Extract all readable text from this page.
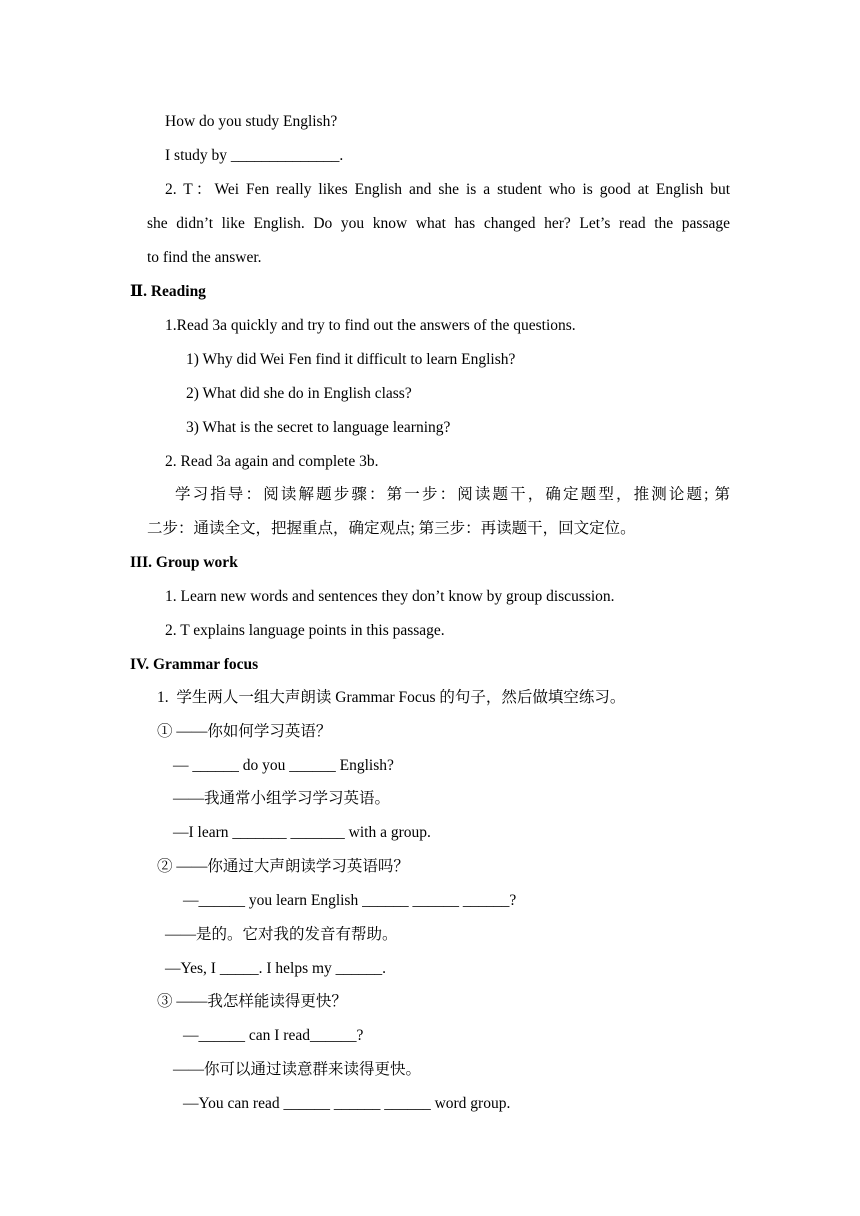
How do you study English?
I study by ______________.
2. T：Wei Fen really likes English and she is a student who is good at English but
she didn’t like English. Do you know what has changed her? Let’s read the passage
to find the answer.
Ⅱ. Reading
1.Read 3a quickly and try to find out the answers of the questions.
1) Why did Wei Fen find it difficult to learn English?
2) What did she do in English class?
3) What is the secret to language learning?
2. Read 3a again and complete 3b.
学习指导：阅读解题步骤：第一步：阅读题干，确定题型，推测论题; 第
二步：通读全文，把握重点，确定观点; 第三步：再读题干，回文定位。
III. Group work
1. Learn new words and sentences they don’t know by group discussion.
2. T explains language points in this passage.
IV. Grammar focus
1.  学生两人一组大声朗读 Grammar Focus 的句子，然后做填空练习。
① ——你如何学习英语？
— ______ do you ______ English?
——我通常小组学习学习英语。
—I learn _______ _______ with a group.
② ——你通过大声朗读学习英语吗？
—______ you learn English ______ ______ ______?
——是的。它对我的发音有帮助。
—Yes, I _____. I helps my ______.
③ ——我怎样能读得更快？
—______ can I read______?
——你可以通过读意群来读得更快。
—You can read ______ ______ ______ word group.
